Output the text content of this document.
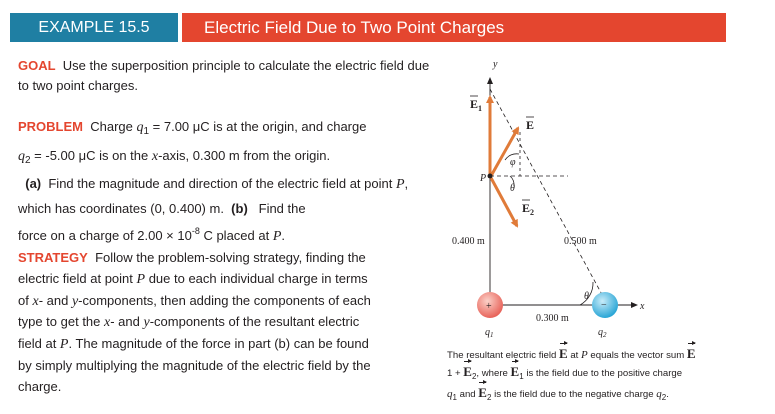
EXAMPLE 15.5	Electric Field Due to Two Point Charges
GOAL Use the superposition principle to calculate the electric field due to two point charges.
PROBLEM Charge $q_1 = 7.00$ μC is at the origin, and charge
$q_2 = -5.00$ μC is on the x-axis, 0.300 m from the origin.
(a) Find the magnitude and direction of the electric field at point P, which has coordinates (0, 0.400) m. (b) Find the
force on a charge of $2.00 \times 10^{-8}$ C placed at P.
STRATEGY Follow the problem-solving strategy, finding the
electric field at point P due to each individual charge in terms
of x- and y-components, then adding the components of each
type to get the x- and y-components of the resultant electric
field at P. The magnitude of the force in part (b) can be found
by simply multiplying the magnitude of the electric field by the
charge.
y
x
$E_1$
E
$E_2$
P
φ
θ
θ
0.400 m	0.500 m
0.300 m
+	−
$q_1$	$q_2$
The resultant electric field E at P equals the vector sum E
$1 + E_2$, where $E_1$ is the field due to the positive charge
$q_1$ and $E_2$ is the field due to the negative charge $q_2$.
